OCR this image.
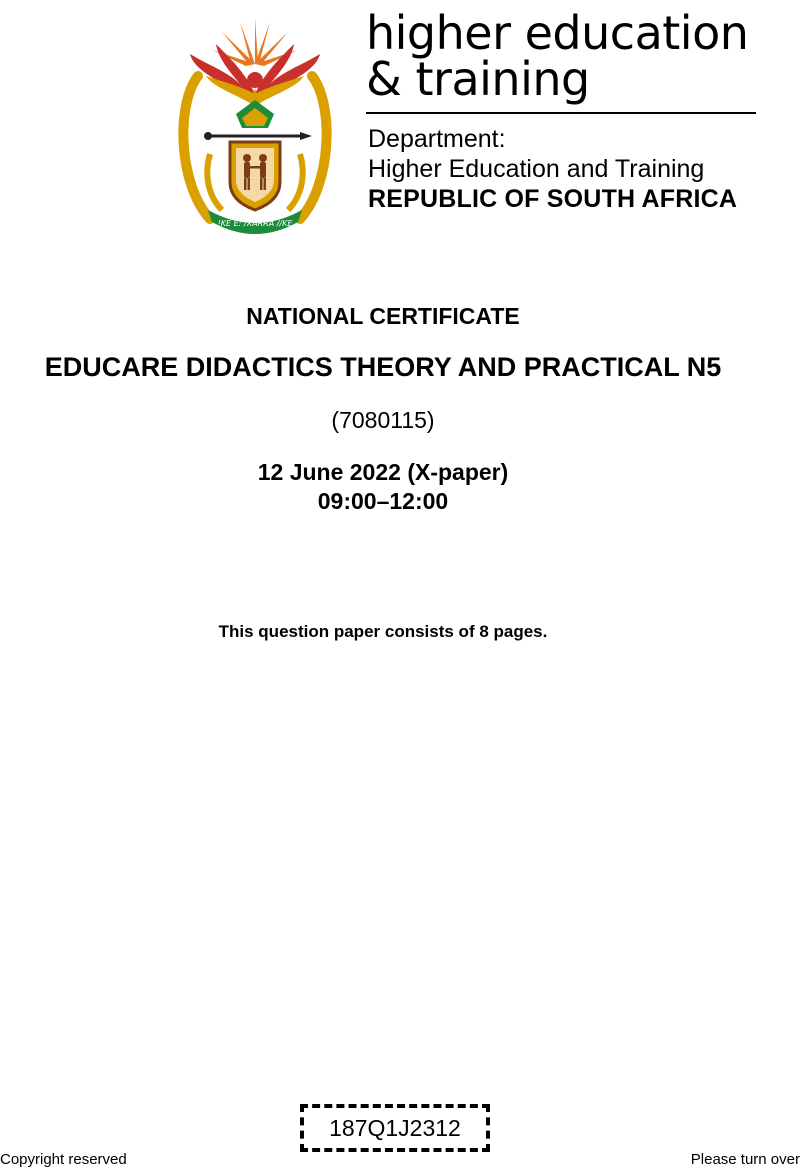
!KE E: /XARRA //KE
higher education
& training
Department:
Higher Education and Training
REPUBLIC OF SOUTH AFRICA
NATIONAL CERTIFICATE
EDUCARE DIDACTICS THEORY AND PRACTICAL N5
(7080115)
12 June 2022 (X-paper)
09:00–12:00
This question paper consists of 8 pages.
187Q1J2312
Copyright reserved	Please turn over
